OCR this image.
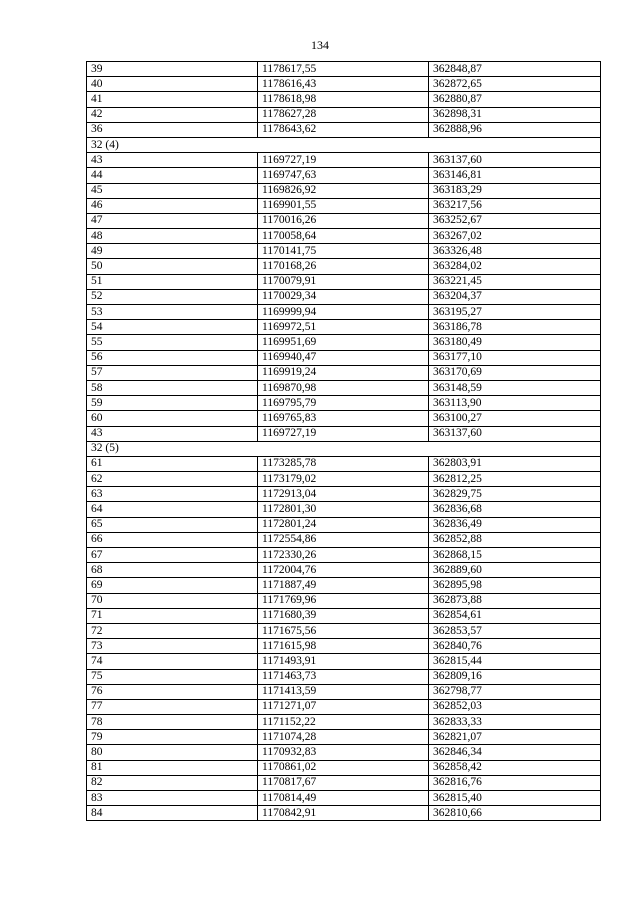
134
39	1178617,55	362848,87
40	1178616,43	362872,65
41	1178618,98	362880,87
42	1178627,28	362898,31
36	1178643,62	362888,96
32 (4)		
43	1169727,19	363137,60
44	1169747,63	363146,81
45	1169826,92	363183,29
46	1169901,55	363217,56
47	1170016,26	363252,67
48	1170058,64	363267,02
49	1170141,75	363326,48
50	1170168,26	363284,02
51	1170079,91	363221,45
52	1170029,34	363204,37
53	1169999,94	363195,27
54	1169972,51	363186,78
55	1169951,69	363180,49
56	1169940,47	363177,10
57	1169919,24	363170,69
58	1169870,98	363148,59
59	1169795,79	363113,90
60	1169765,83	363100,27
43	1169727,19	363137,60
32 (5)		
61	1173285,78	362803,91
62	1173179,02	362812,25
63	1172913,04	362829,75
64	1172801,30	362836,68
65	1172801,24	362836,49
66	1172554,86	362852,88
67	1172330,26	362868,15
68	1172004,76	362889,60
69	1171887,49	362895,98
70	1171769,96	362873,88
71	1171680,39	362854,61
72	1171675,56	362853,57
73	1171615,98	362840,76
74	1171493,91	362815,44
75	1171463,73	362809,16
76	1171413,59	362798,77
77	1171271,07	362852,03
78	1171152,22	362833,33
79	1171074,28	362821,07
80	1170932,83	362846,34
81	1170861,02	362858,42
82	1170817,67	362816,76
83	1170814,49	362815,40
84	1170842,91	362810,66
